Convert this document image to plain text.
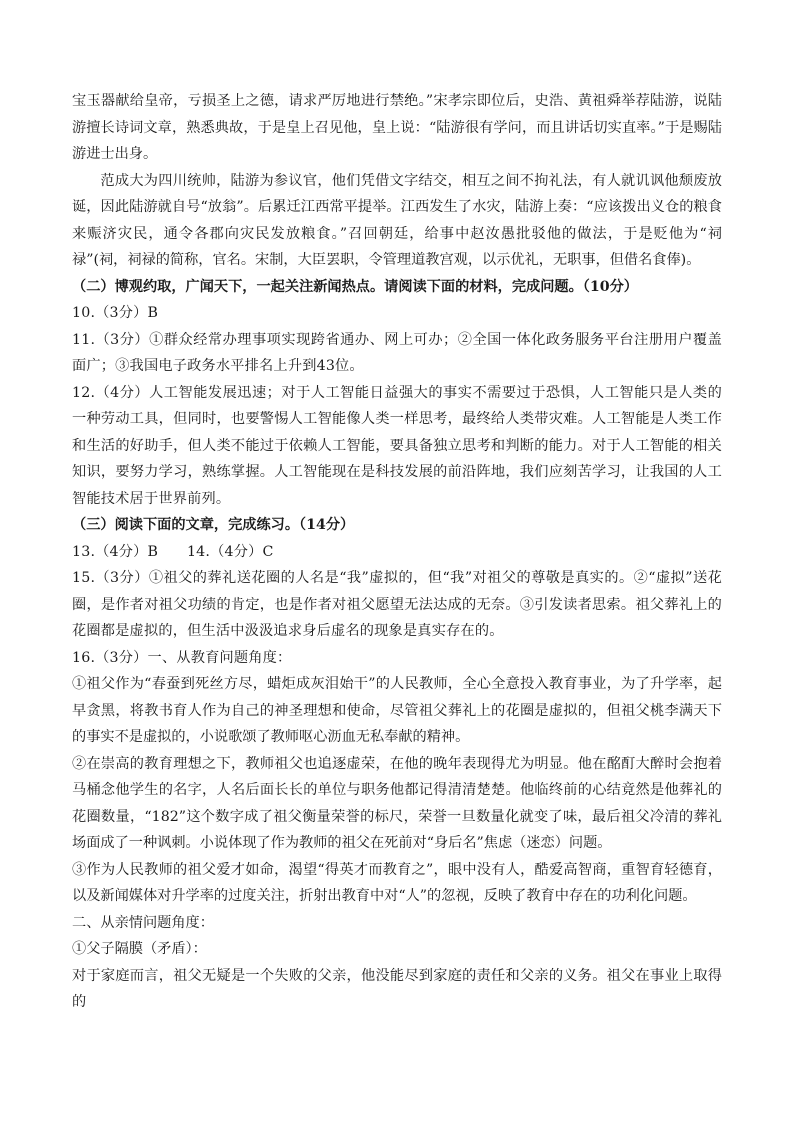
宝玉器献给皇帝，亏损圣上之德，请求严厉地进行禁绝。”宋孝宗即位后，史浩、黄祖舜举荐陆游，说陆游擅长诗词文章，熟悉典故，于是皇上召见他，皇上说：“陆游很有学问，而且讲话切实直率。”于是赐陆游进士出身。

范成大为四川统帅，陆游为参议官，他们凭借文字结交，相互之间不拘礼法，有人就讥讽他颓废放诞，因此陆游就自号“放翁”。后累迁江西常平提举。江西发生了水灾，陆游上奏：“应该拨出义仓的粮食来赈济灾民，通令各郡向灾民发放粮食。”召回朝廷，给事中赵汝愚批驳他的做法，于是贬他为“祠禄”(祠，祠禄的简称，官名。宋制，大臣罢职，令管理道教宫观，以示优礼，无职事，但借名食俸)。

（二）博观约取，广闻天下，一起关注新闻热点。请阅读下面的材料，完成问题。（10分）

10.（3分）B

11.（3分）①群众经常办理事项实现跨省通办、网上可办；②全国一体化政务服务平台注册用户覆盖面广；③我国电子政务水平排名上升到43位。

12.（4分）人工智能发展迅速；对于人工智能日益强大的事实不需要过于恐惧，人工智能只是人类的一种劳动工具，但同时，也要警惕人工智能像人类一样思考，最终给人类带灾难。人工智能是人类工作和生活的好助手，但人类不能过于依赖人工智能，要具备独立思考和判断的能力。对于人工智能的相关知识，要努力学习，熟练掌握。人工智能现在是科技发展的前沿阵地，我们应刻苦学习，让我国的人工智能技术居于世界前列。

（三）阅读下面的文章，完成练习。（14分）

13.（4分）B　　14.（4分）C

15.（3分）①祖父的葬礼送花圈的人名是“我”虚拟的，但“我”对祖父的尊敬是真实的。②“虚拟”送花圈，是作者对祖父功绩的肯定，也是作者对祖父愿望无法达成的无奈。③引发读者思索。祖父葬礼上的花圈都是虚拟的，但生活中汲汲追求身后虚名的现象是真实存在的。

16.（3分）一、从教育问题角度：

①祖父作为“春蚕到死丝方尽，蜡炬成灰泪始干”的人民教师，全心全意投入教育事业，为了升学率，起早贪黑，将教书育人作为自己的神圣理想和使命，尽管祖父葬礼上的花圈是虚拟的，但祖父桃李满天下的事实不是虚拟的，小说歌颂了教师呕心沥血无私奉献的精神。

②在崇高的教育理想之下，教师祖父也追逐虚荣，在他的晚年表现得尤为明显。他在酩酊大醉时会抱着马桶念他学生的名字，人名后面长长的单位与职务他都记得清清楚楚。他临终前的心结竟然是他葬礼的花圈数量，“182”这个数字成了祖父衡量荣誉的标尺，荣誉一旦数量化就变了味，最后祖父冷清的葬礼场面成了一种讽刺。小说体现了作为教师的祖父在死前对“身后名”焦虑（迷恋）问题。

③作为人民教师的祖父爱才如命，渴望“得英才而教育之”，眼中没有人，酷爱高智商，重智育轻德育，以及新闻媒体对升学率的过度关注，折射出教育中对“人”的忽视，反映了教育中存在的功利化问题。

二、从亲情问题角度：

①父子隔膜（矛盾）：

对于家庭而言，祖父无疑是一个失败的父亲，他没能尽到家庭的责任和父亲的义务。祖父在事业上取得的
